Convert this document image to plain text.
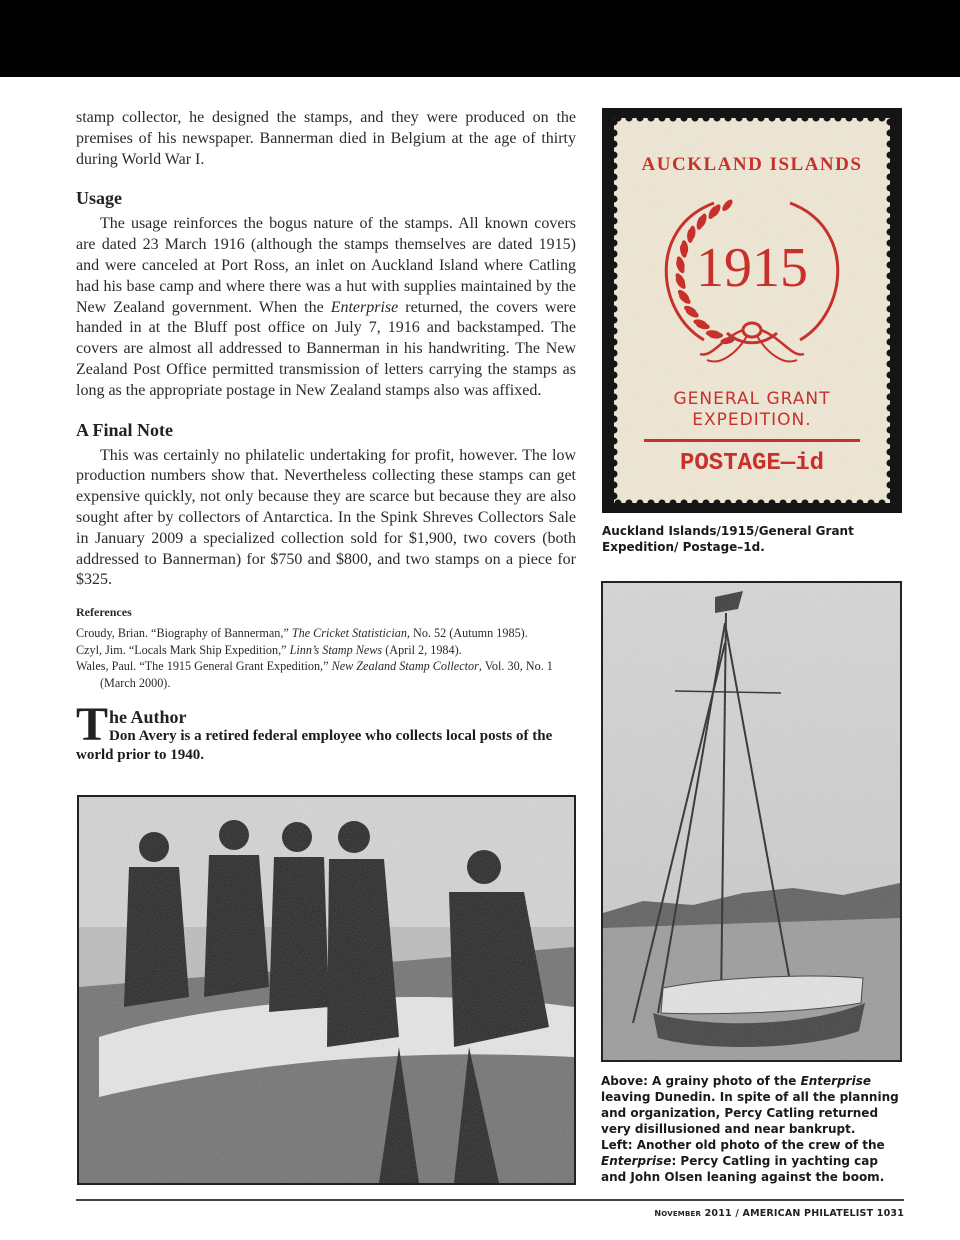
stamp collector, he designed the stamps, and they were produced on the premises of his newspaper. Bannerman died in Belgium at the age of thirty during World War I.

Usage

The usage reinforces the bogus nature of the stamps. All known covers are dated 23 March 1916 (although the stamps themselves are dated 1915) and were canceled at Port Ross, an inlet on Auckland Island where Catling had his base camp and where there was a hut with supplies maintained by the New Zealand government. When the Enterprise returned, the covers were handed in at the Bluff post office on July 7, 1916 and backstamped. The covers are almost all addressed to Bannerman in his handwriting. The New Zealand Post Office permitted transmission of letters carrying the stamps as long as the appropriate postage in New Zealand stamps also was affixed.

A Final Note

This was certainly no philatelic undertaking for profit, however. The low production numbers show that. Nevertheless collecting these stamps can get expensive quickly, not only because they are scarce but because they are also sought after by collectors of Antarctica. In the Spink Shreves Collectors Sale in January 2009 a specialized collection sold for $1,900, two covers (both addressed to Bannerman) for $750 and $800, and two stamps on a piece for $325.

References
Croudy, Brian. “Biography of Bannerman,” The Cricket Statistician, No. 52 (Autumn 1985).
Czyl, Jim. “Locals Mark Ship Expedition,” Linn’s Stamp News (April 2, 1984).
Wales, Paul. “The 1915 General Grant Expedition,” New Zealand Stamp Collector, Vol. 30, No. 1 (March 2000).
T he Author
Don Avery is a retired federal employee who collects local posts of the
world prior to 1940.
AUCKLAND ISLANDS
1915
GENERAL GRANT
EXPEDITION.
POSTAGE—id
Auckland Islands/1915/General Grant Expedition/ Postage–1d.
Above: A grainy photo of the Enterprise leaving Dunedin. In spite of all the planning and organization, Percy Catling returned very disillusioned and near bankrupt.
Left: Another old photo of the crew of the Enterprise: Percy Catling in yachting cap and John Olsen leaning against the boom.
NOVEMBER 2011 / AMERICAN PHILATELIST 1031
